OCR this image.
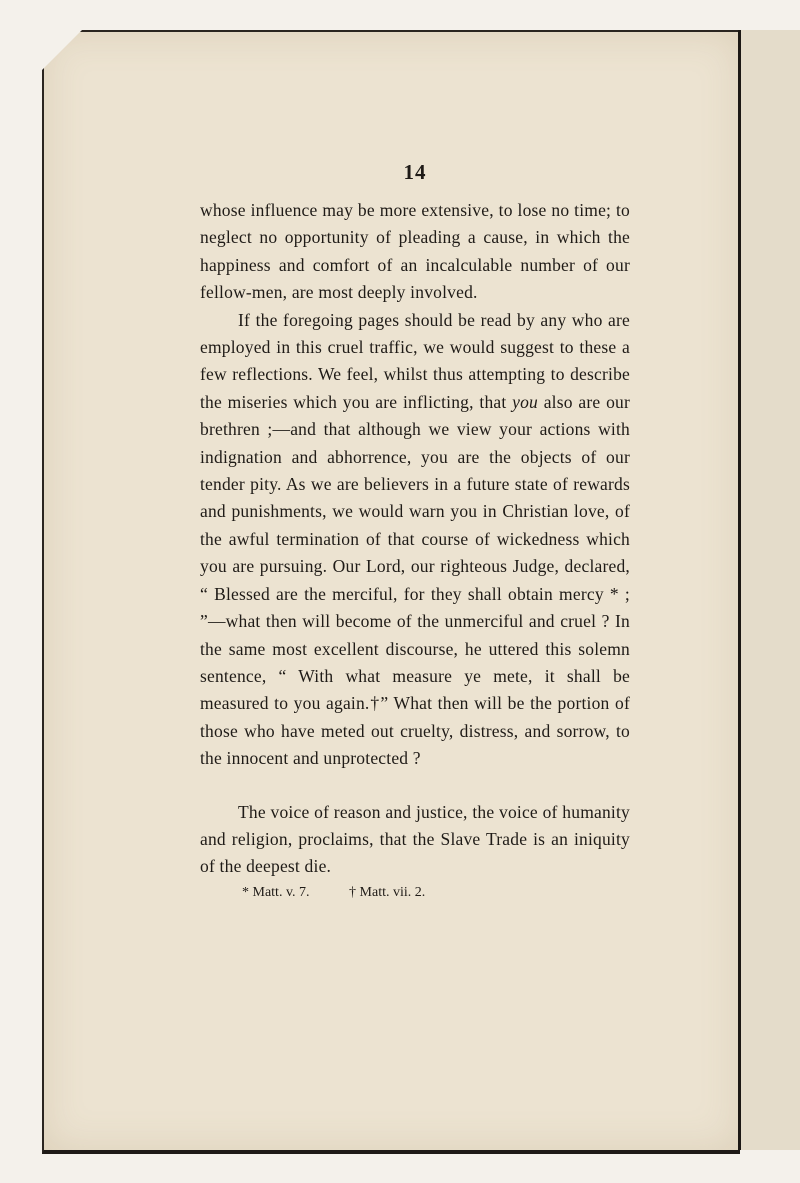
14

whose influence may be more extensive, to lose no time; to neglect no opportunity of pleading a cause, in which the happiness and comfort of an incalculable number of our fellow-men, are most deeply involved.

If the foregoing pages should be read by any who are employed in this cruel traffic, we would suggest to these a few reflections. We feel, whilst thus attempting to describe the miseries which you are inflicting, that you also are our brethren ;—and that although we view your actions with indignation and abhorrence, you are the objects of our tender pity. As we are believers in a future state of rewards and punishments, we would warn you in Christian love, of the awful termination of that course of wickedness which you are pursuing. Our Lord, our righteous Judge, declared, “ Blessed are the merciful, for they shall obtain mercy * ; ”—what then will become of the unmerciful and cruel ? In the same most excellent discourse, he uttered this solemn sentence, “ With what measure ye mete, it shall be measured to you again.†” What then will be the portion of those who have meted out cruelty, distress, and sorrow, to the innocent and unprotected ?

The voice of reason and justice, the voice of humanity and religion, proclaims, that the Slave Trade is an iniquity of the deepest die.

* Matt. v. 7.	† Matt. vii. 2.
